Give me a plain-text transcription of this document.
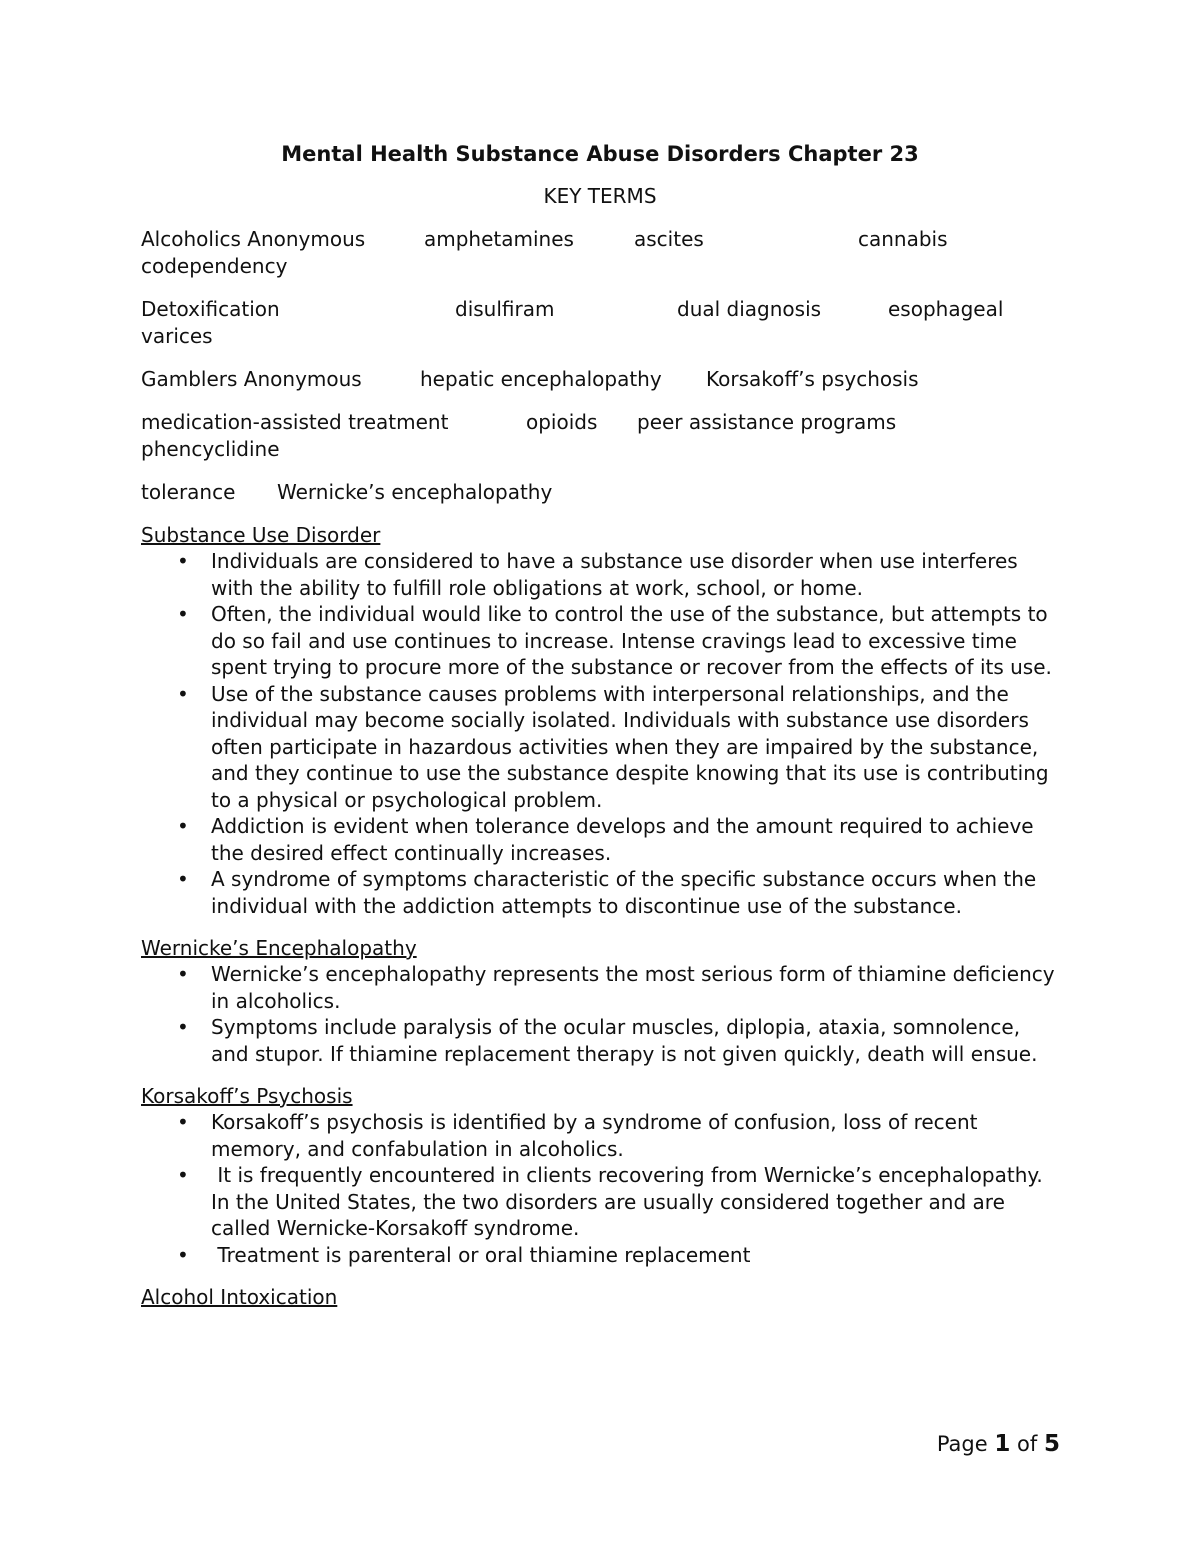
Mental Health Substance Abuse Disorders Chapter 23
KEY TERMS
Alcoholics Anonymous	amphetamines	ascites	cannabis
codependency
Detoxification	disulfiram	dual diagnosis	esophageal varices
Gamblers Anonymous	hepatic encephalopathy Korsakoff’s psychosis
medication-assisted treatment	opioids peer assistance programs
phencyclidine
tolerance Wernicke’s encephalopathy

Substance Use Disorder

• Individuals are considered to have a substance use disorder when use interferes with the ability to fulfill role obligations at work, school, or home.
• Often, the individual would like to control the use of the substance, but attempts to do so fail and use continues to increase. Intense cravings lead to excessive time spent trying to procure more of the substance or recover from the effects of its use.
• Use of the substance causes problems with interpersonal relationships, and the individual may become socially isolated. Individuals with substance use disorders often participate in hazardous activities when they are impaired by the substance, and they continue to use the substance despite knowing that its use is contributing to a physical or psychological problem.
• Addiction is evident when tolerance develops and the amount required to achieve the desired effect continually increases.
• A syndrome of symptoms characteristic of the specific substance occurs when the individual with the addiction attempts to discontinue use of the substance.

Wernicke’s Encephalopathy

• Wernicke’s encephalopathy represents the most serious form of thiamine deficiency in alcoholics.
• Symptoms include paralysis of the ocular muscles, diplopia, ataxia, somnolence, and stupor. If thiamine replacement therapy is not given quickly, death will ensue.

Korsakoff’s Psychosis

• Korsakoff’s psychosis is identified by a syndrome of confusion, loss of recent memory, and confabulation in alcoholics.
• It is frequently encountered in clients recovering from Wernicke’s encephalopathy. In the United States, the two disorders are usually considered together and are called Wernicke-Korsakoff syndrome.
• Treatment is parenteral or oral thiamine replacement

Alcohol Intoxication

Page 1 of 5
